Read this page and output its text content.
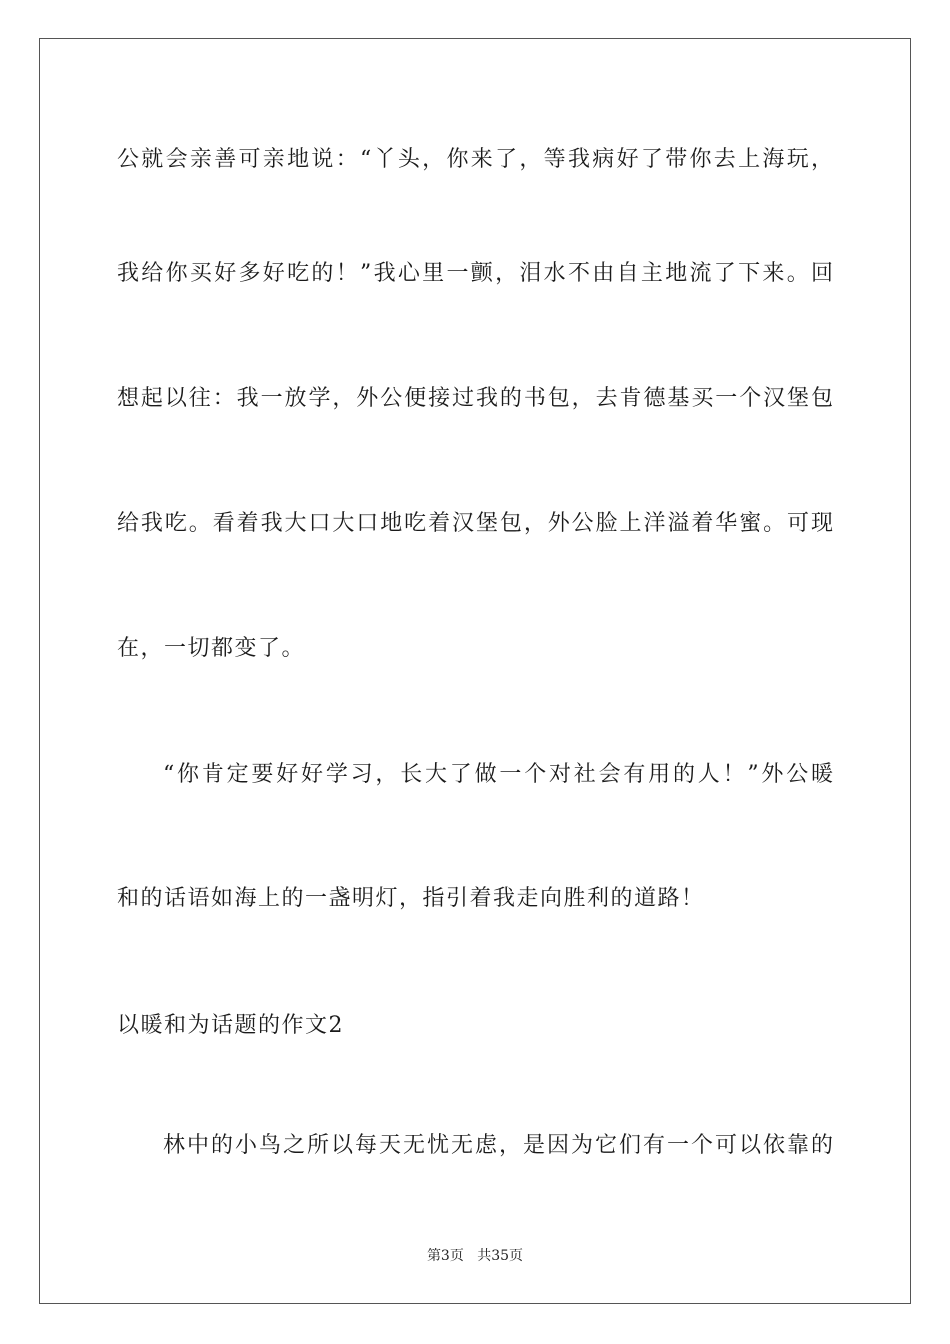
公就会亲善可亲地说：“丫头，你来了，等我病好了带你去上海玩，
我给你买好多好吃的！”我心里一颤，泪水不由自主地流了下来。回
想起以往：我一放学，外公便接过我的书包，去肯德基买一个汉堡包
给我吃。看着我大口大口地吃着汉堡包，外公脸上洋溢着华蜜。可现
在，一切都变了。
“你肯定要好好学习，长大了做一个对社会有用的人！”外公暖
和的话语如海上的一盏明灯，指引着我走向胜利的道路！
以暖和为话题的作文2
林中的小鸟之所以每天无忧无虑，是因为它们有一个可以依靠的
第3页 共35页
